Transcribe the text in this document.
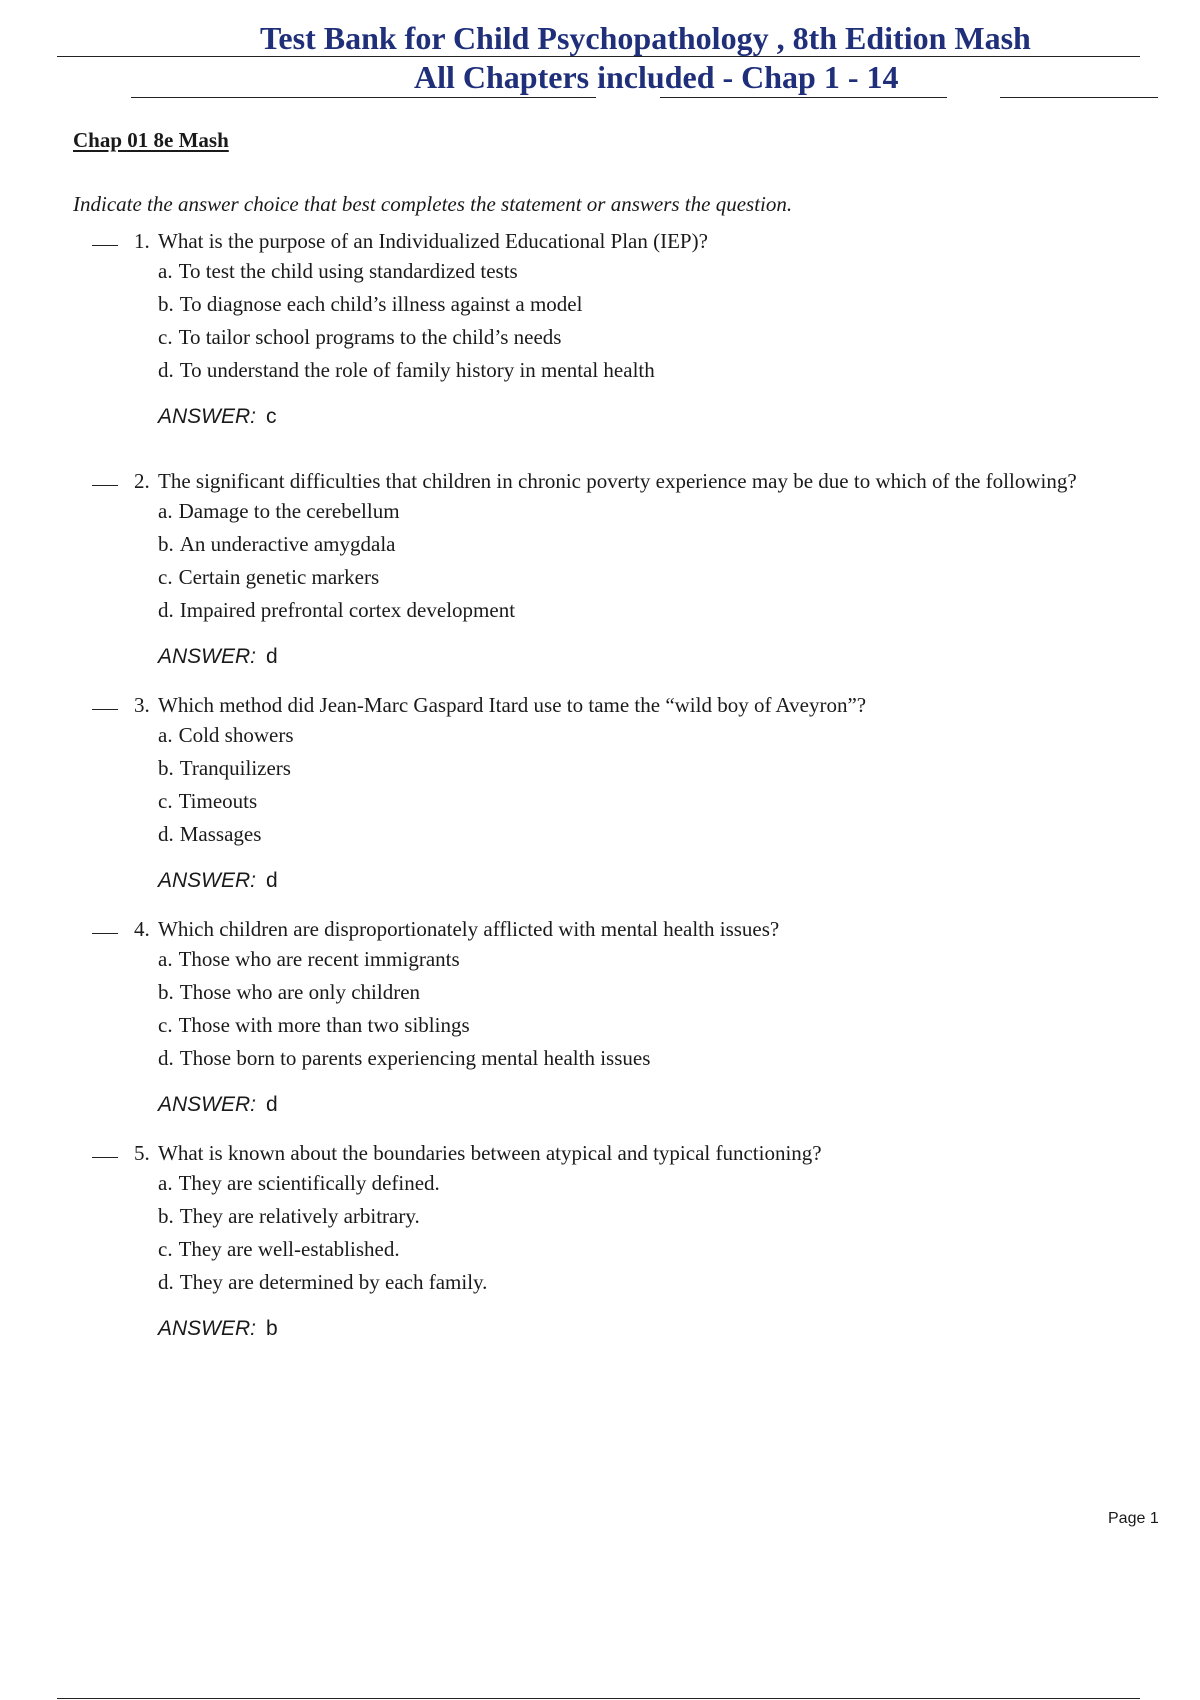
Test Bank for Child Psychopathology , 8th Edition Mash
All Chapters included - Chap 1 - 14
Chap 01 8e Mash
Indicate the answer choice that best completes the statement or answers the question.
1. What is the purpose of an Individualized Educational Plan (IEP)?
a. To test the child using standardized tests
b. To diagnose each child’s illness against a model
c. To tailor school programs to the child’s needs
d. To understand the role of family history in mental health
ANSWER: c
2. The significant difficulties that children in chronic poverty experience may be due to which of the following?
a. Damage to the cerebellum
b. An underactive amygdala
c. Certain genetic markers
d. Impaired prefrontal cortex development
ANSWER: d
3. Which method did Jean-Marc Gaspard Itard use to tame the “wild boy of Aveyron”?
a. Cold showers
b. Tranquilizers
c. Timeouts
d. Massages
ANSWER: d
4. Which children are disproportionately afflicted with mental health issues?
a. Those who are recent immigrants
b. Those who are only children
c. Those with more than two siblings
d. Those born to parents experiencing mental health issues
ANSWER: d
5. What is known about the boundaries between atypical and typical functioning?
a. They are scientifically defined.
b. They are relatively arbitrary.
c. They are well-established.
d. They are determined by each family.
ANSWER: b
Page 1
